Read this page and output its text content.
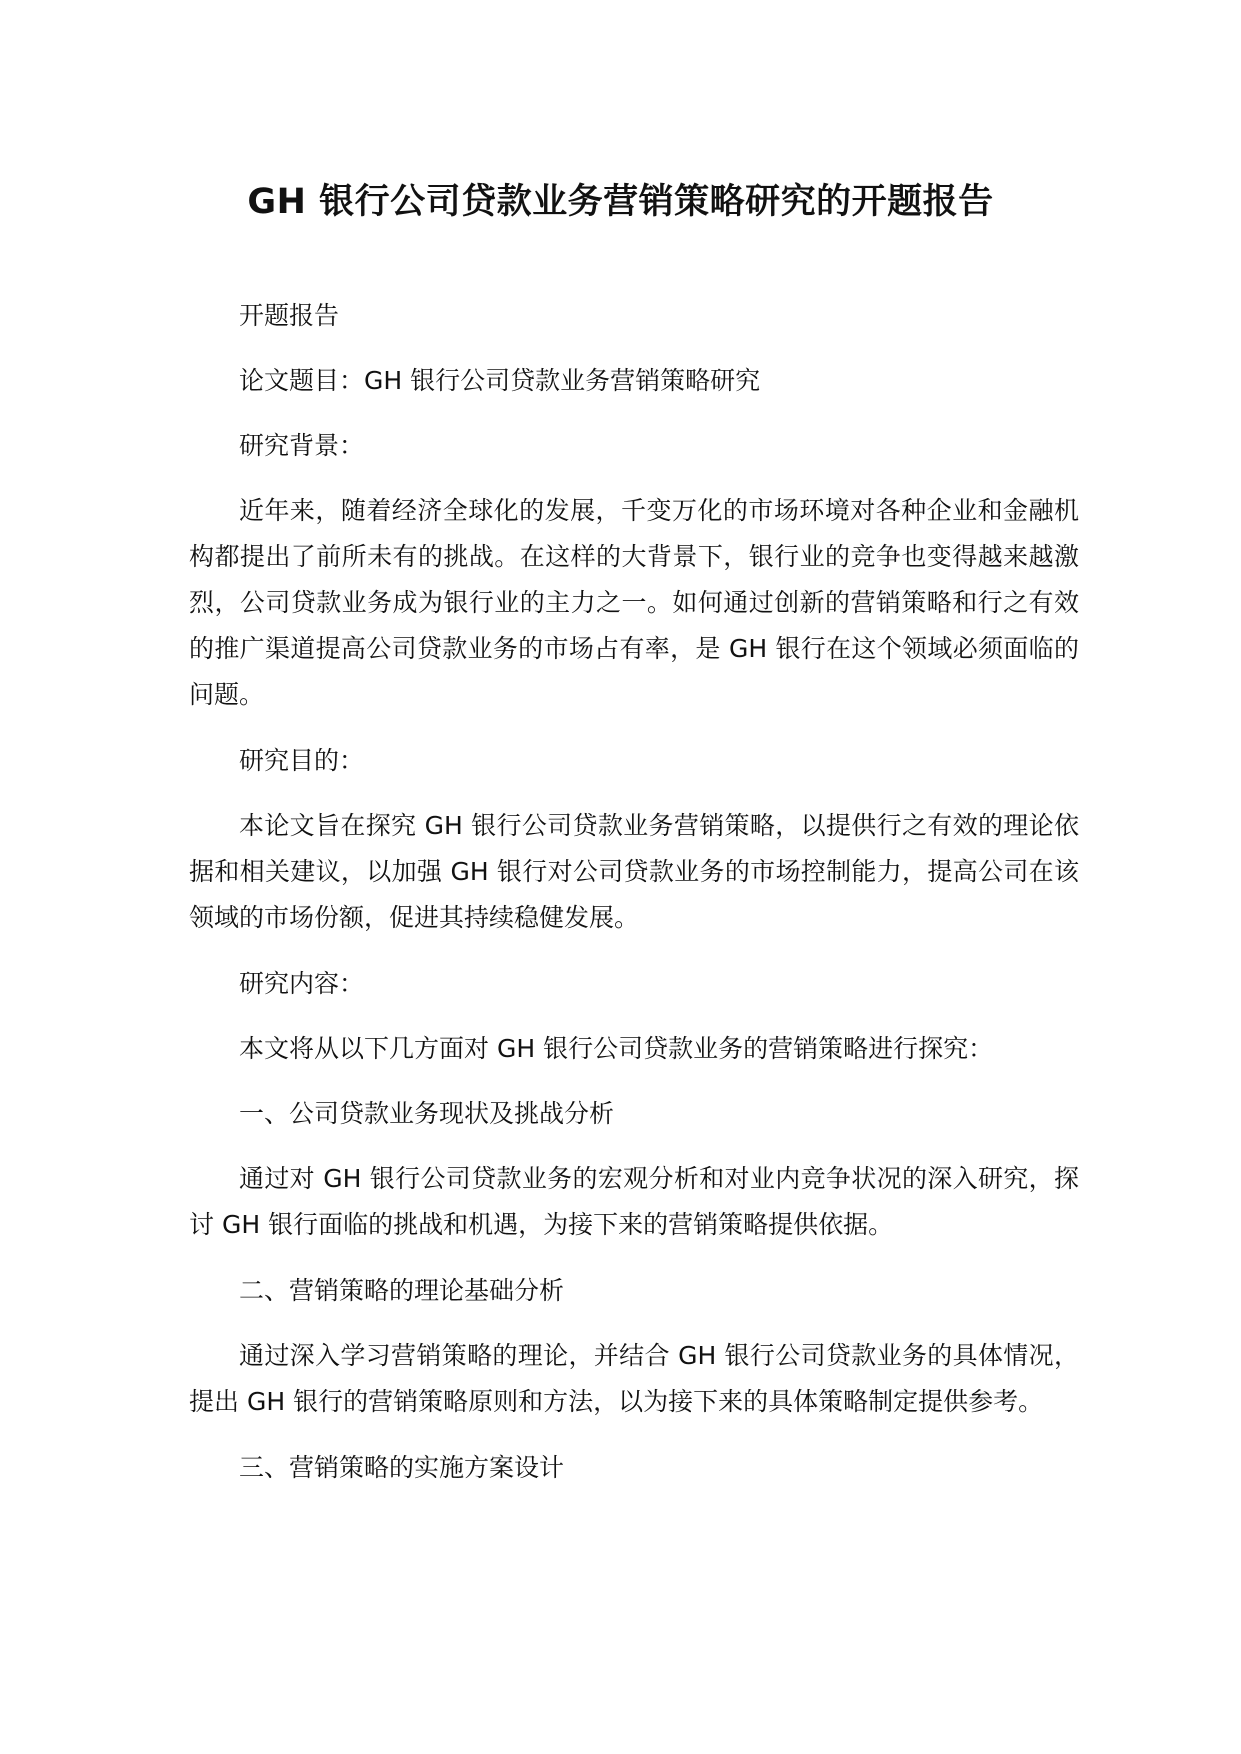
GH 银行公司贷款业务营销策略研究的开题报告

开题报告

论文题目：GH 银行公司贷款业务营销策略研究

研究背景：

近年来，随着经济全球化的发展，千变万化的市场环境对各种企业和金融机构都提出了前所未有的挑战。在这样的大背景下，银行业的竞争也变得越来越激烈，公司贷款业务成为银行业的主力之一。如何通过创新的营销策略和行之有效的推广渠道提高公司贷款业务的市场占有率，是 GH 银行在这个领域必须面临的问题。

研究目的：

本论文旨在探究 GH 银行公司贷款业务营销策略，以提供行之有效的理论依据和相关建议，以加强 GH 银行对公司贷款业务的市场控制能力，提高公司在该领域的市场份额，促进其持续稳健发展。

研究内容：

本文将从以下几方面对 GH 银行公司贷款业务的营销策略进行探究：

一、公司贷款业务现状及挑战分析

通过对 GH 银行公司贷款业务的宏观分析和对业内竞争状况的深入研究，探讨 GH 银行面临的挑战和机遇，为接下来的营销策略提供依据。

二、营销策略的理论基础分析

通过深入学习营销策略的理论，并结合 GH 银行公司贷款业务的具体情况，提出 GH 银行的营销策略原则和方法，以为接下来的具体策略制定提供参考。

三、营销策略的实施方案设计
